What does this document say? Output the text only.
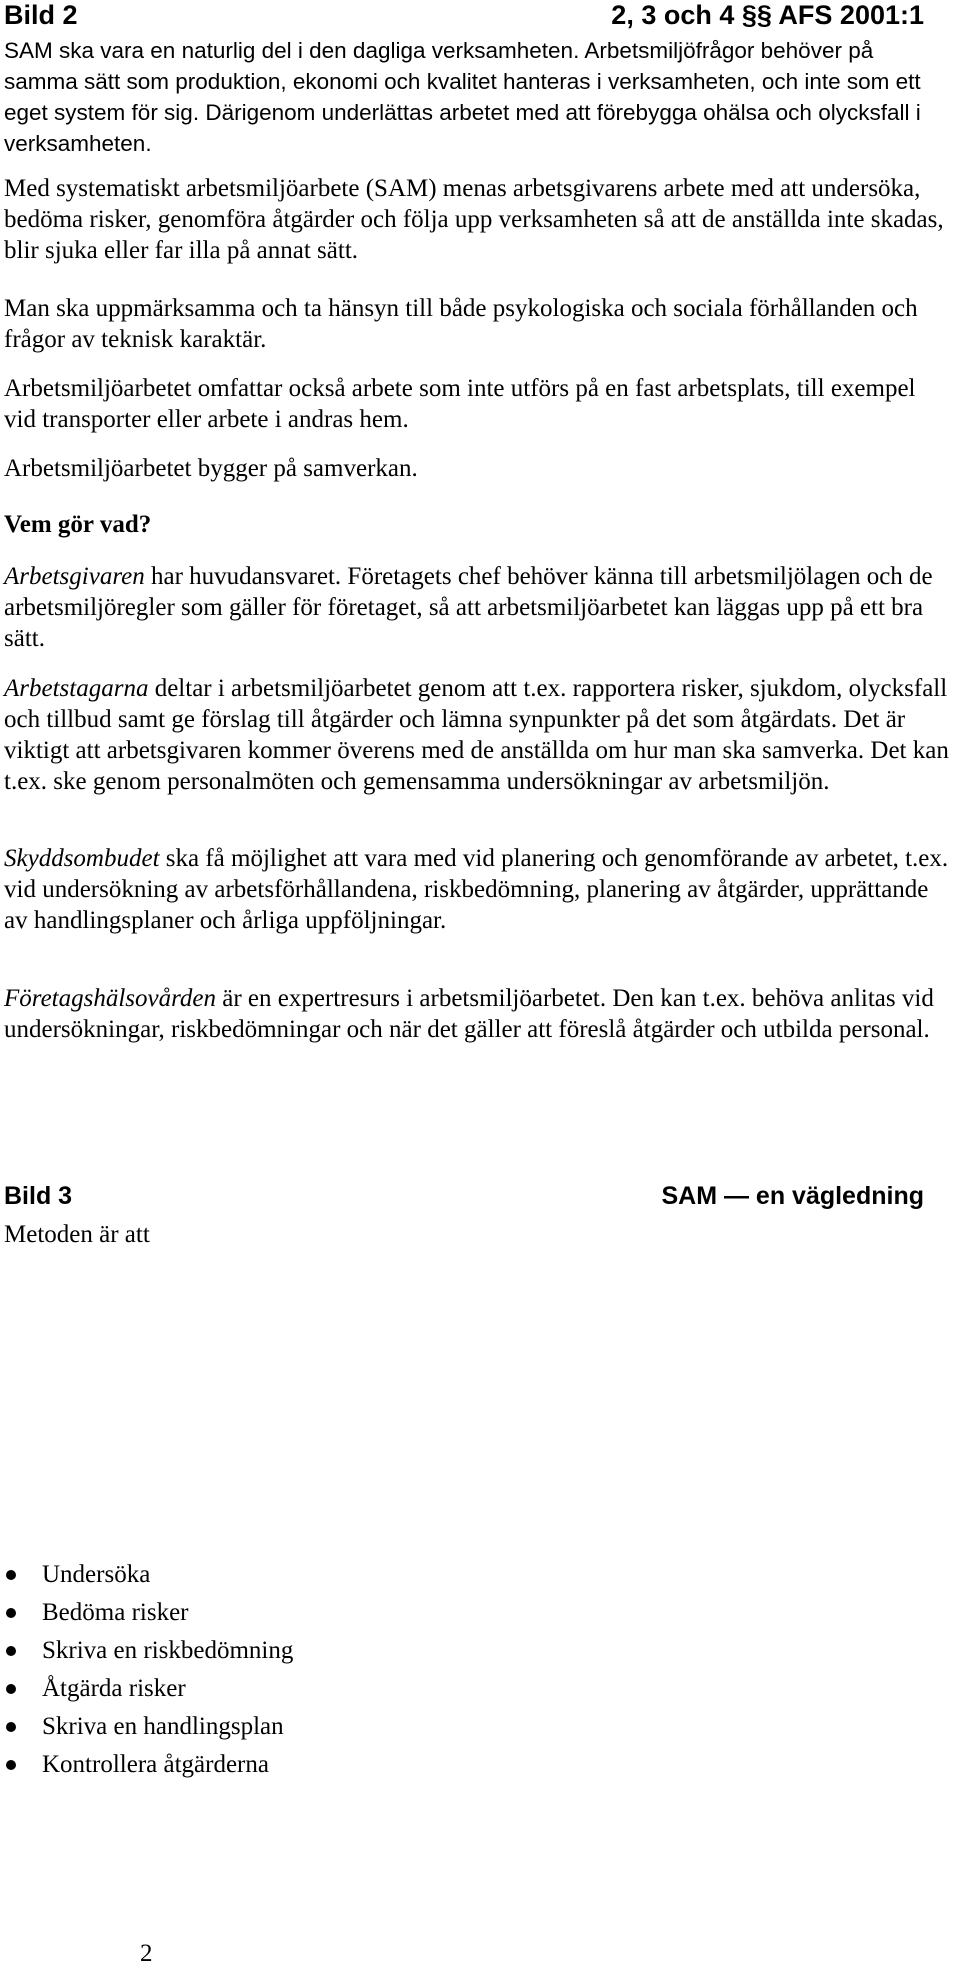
Bild 2	2, 3 och 4 §§ AFS 2001:1

SAM ska vara en naturlig del i den dagliga verksamheten. Arbetsmiljöfrågor behöver på samma sätt som produktion, ekonomi och kvalitet hanteras i verksamheten, och inte som ett eget system för sig. Därigenom underlättas arbetet med att förebygga ohälsa och olycksfall i verksamheten.

Med systematiskt arbetsmiljöarbete (SAM) menas arbetsgivarens arbete med att undersöka, bedöma risker, genomföra åtgärder och följa upp verksamheten så att de anställda inte skadas, blir sjuka eller far illa på annat sätt.

Man ska uppmärksamma och ta hänsyn till både psykologiska och sociala förhållanden och frågor av teknisk karaktär.

Arbetsmiljöarbetet omfattar också arbete som inte utförs på en fast arbetsplats, till exempel vid transporter eller arbete i andras hem.

Arbetsmiljöarbetet bygger på samverkan.

Vem gör vad?

Arbetsgivaren har huvudansvaret. Företagets chef behöver känna till arbetsmiljölagen och de arbetsmiljöregler som gäller för företaget, så att arbetsmiljöarbetet kan läggas upp på ett bra sätt.

Arbetstagarna deltar i arbetsmiljöarbetet genom att t.ex. rapportera risker, sjukdom, olycksfall och tillbud samt ge förslag till åtgärder och lämna synpunkter på det som åtgärdats. Det är viktigt att arbetsgivaren kommer överens med de anställda om hur man ska samverka. Det kan t.ex. ske genom personalmöten och gemensamma undersökningar av arbetsmiljön.

Skyddsombudet ska få möjlighet att vara med vid planering och genomförande av arbetet, t.ex. vid undersökning av arbetsförhållandena, riskbedömning, planering av åtgärder, upprättande av handlingsplaner och årliga uppföljningar.

Företagshälsovården är en expertresurs i arbetsmiljöarbetet. Den kan t.ex. behöva anlitas vid undersökningar, riskbedömningar och när det gäller att föreslå åtgärder och utbilda personal.

Bild 3	SAM — en vägledning

Metoden är att

Undersöka
Bedöma risker
Skriva en riskbedömning
Åtgärda risker
Skriva en handlingsplan
Kontrollera åtgärderna
2
